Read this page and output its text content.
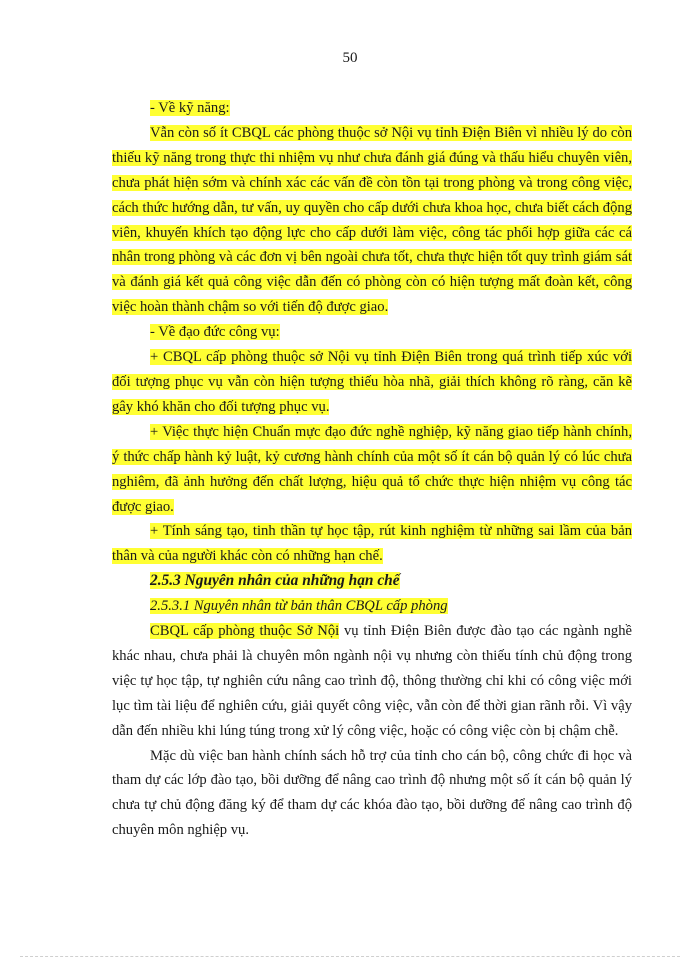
50

- Về kỹ năng:

Vẫn còn số ít CBQL các phòng thuộc sở Nội vụ tỉnh Điện Biên vì nhiều lý do còn thiếu kỹ năng trong thực thi nhiệm vụ như chưa đánh giá đúng và thấu hiểu chuyên viên, chưa phát hiện sớm và chính xác các vấn đề còn tồn tại trong phòng và trong công việc, cách thức hướng dẫn, tư vấn, uy quyền cho cấp dưới chưa khoa học, chưa biết cách động viên, khuyến khích tạo động lực cho cấp dưới làm việc, công tác phối hợp giữa các cá nhân trong phòng và các đơn vị bên ngoài chưa tốt, chưa thực hiện tốt quy trình giám sát và đánh giá kết quả công việc dẫn đến có phòng còn có hiện tượng mất đoàn kết, công việc hoàn thành chậm so với tiến độ được giao.

- Về đạo đức công vụ:

+ CBQL cấp phòng thuộc sở Nội vụ tỉnh Điện Biên trong quá trình tiếp xúc với đối tượng phục vụ vẫn còn hiện tượng thiếu hòa nhã, giải thích không rõ ràng, căn kẽ gây khó khăn cho đối tượng phục vụ.

+ Việc thực hiện Chuẩn mực đạo đức nghề nghiệp, kỹ năng giao tiếp hành chính, ý thức chấp hành kỷ luật, kỷ cương hành chính của một số ít cán bộ quản lý có lúc chưa nghiêm, đã ảnh hưởng đến chất lượng, hiệu quả tổ chức thực hiện nhiệm vụ công tác được giao.

+ Tính sáng tạo, tinh thần tự học tập, rút kinh nghiệm từ những sai lầm của bản thân và của người khác còn có những hạn chế.

2.5.3 Nguyên nhân của những hạn chế

2.5.3.1 Nguyên nhân từ bản thân CBQL cấp phòng

CBQL cấp phòng thuộc Sở Nội vụ tỉnh Điện Biên được đào tạo các ngành nghề khác nhau, chưa phải là chuyên môn ngành nội vụ nhưng còn thiếu tính chủ động trong việc tự học tập, tự nghiên cứu nâng cao trình độ, thông thường chỉ khi có công việc mới lục tìm tài liệu để nghiên cứu, giải quyết công việc, vẫn còn để thời gian rãnh rỗi. Vì vậy dẫn đến nhiều khi lúng túng trong xử lý công việc, hoặc có công việc còn bị chậm chễ.

Mặc dù việc ban hành chính sách hỗ trợ của tỉnh cho cán bộ, công chức đi học và tham dự các lớp đào tạo, bồi dưỡng để nâng cao trình độ nhưng một số ít cán bộ quản lý chưa tự chủ động đăng ký để tham dự các khóa đào tạo, bồi dưỡng để nâng cao trình độ chuyên môn nghiệp vụ.
